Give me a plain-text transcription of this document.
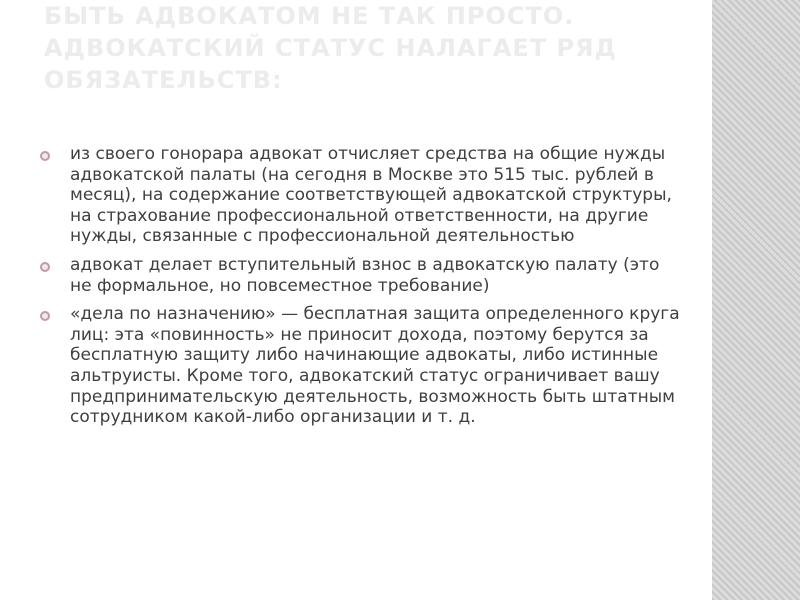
БЫТЬ АДВОКАТОМ НЕ ТАК ПРОСТО. АДВОКАТСКИЙ СТАТУС НАЛАГАЕТ РЯД ОБЯЗАТЕЛЬСТВ:
из своего гонорара адвокат отчисляет средства на общие нужды адвокатской палаты (на сегодня в Москве это 515 тыс. рублей в месяц), на содержание соответствующей адвокатской структуры, на страхование профессиональной ответственности, на другие нужды, связанные с профессиональной деятельностью
адвокат делает вступительный взнос в адвокатскую палату (это не формальное, но повсеместное требование)
«дела по назначению» — бесплатная защита определенного круга лиц: эта «повинность» не приносит дохода, поэтому берутся за бесплатную защиту либо начинающие адвокаты, либо истинные альтруисты. Кроме того, адвокатский статус ограничивает вашу предпринимательскую деятельность, возможность быть штатным сотрудником какой-либо организации и т. д.
